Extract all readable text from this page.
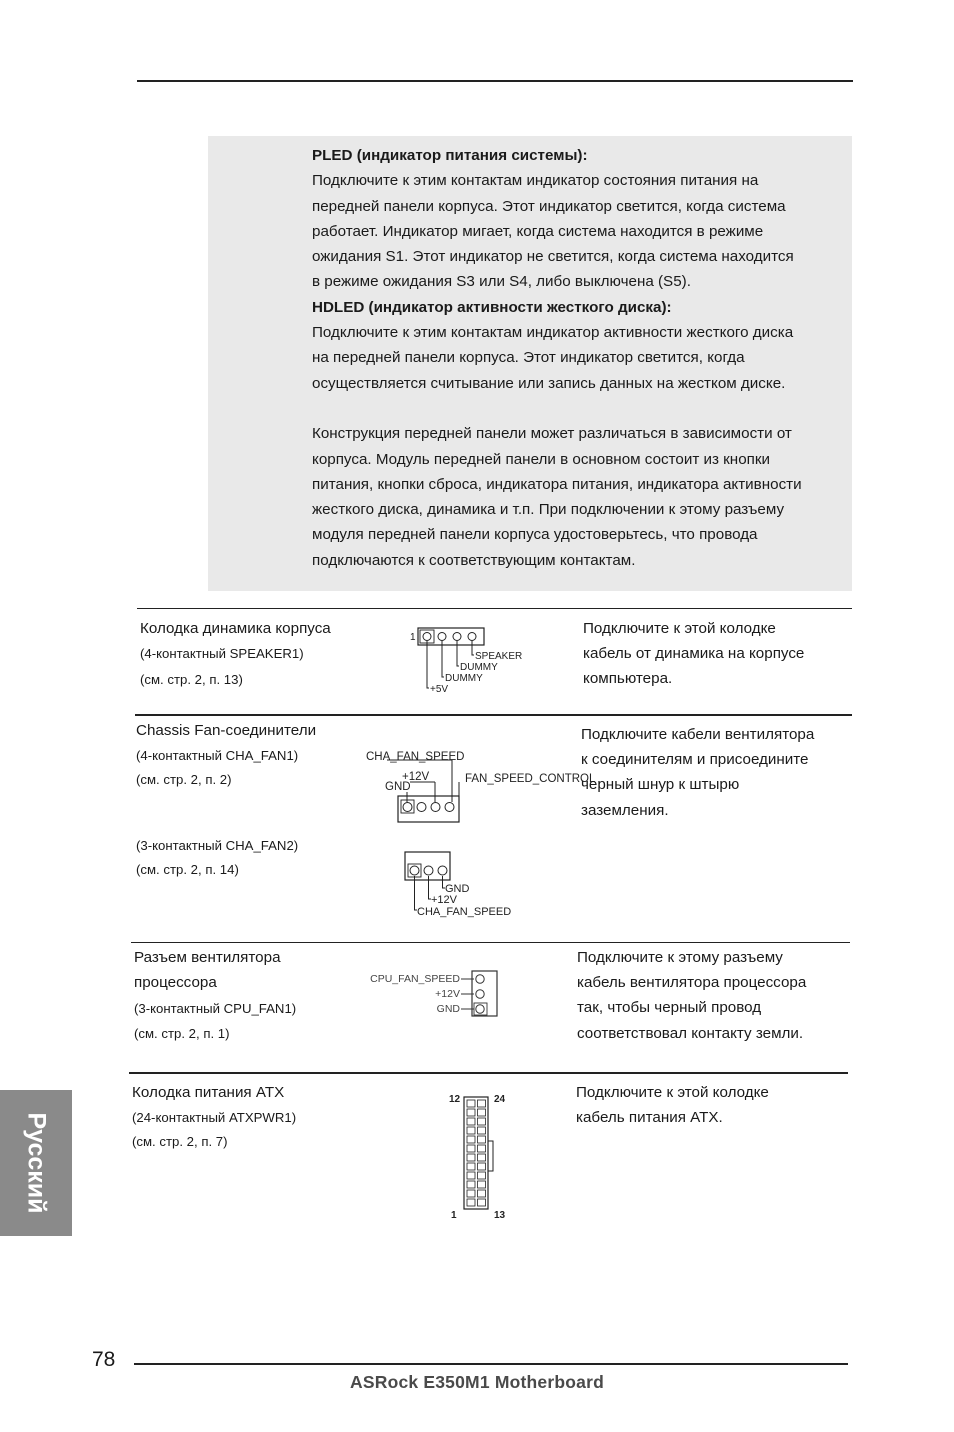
PLED (индикатор питания системы):
Подключите к этим контактам индикатор состояния питания на
передней панели корпуса. Этот индикатор светится, когда система
работает. Индикатор мигает, когда система находится в режиме
ожидания S1. Этот индикатор не светится, когда система находится
в режиме ожидания S3 или S4, либо выключена (S5).
HDLED (индикатор активности жесткого диска):
Подключите к этим контактам индикатор активности жесткого диска
на передней панели корпуса. Этот индикатор светится, когда
осуществляется считывание или запись данных на жестком диске.
Конструкция передней панели может различаться в зависимости от
корпуса. Модуль передней панели в основном состоит из кнопки
питания, кнопки сброса, индикатора питания, индикатора активности
жесткого диска, динамика и т.п. При подключении к этому разъему
модуля передней панели корпуса удостоверьтесь, что провода
подключаются к соответствующим контактам.
Колодка динамика корпуса
(4-контактный SPEAKER1)
(см. стр. 2, п. 13)
1
SPEAKER
DUMMY
DUMMY
+5V
Подключите к этой колодке
кабель от динамика на корпусе
компьютера.
Chassis Fan-соединители
(4-контактный CHA_FAN1)
(см. стр. 2, п. 2)
(3-контактный CHA_FAN2)
(см. стр. 2, п. 14)
CHA_FAN_SPEED
+12V
GND
FAN_SPEED_CONTROL
GND
+12V
CHA_FAN_SPEED
Подключите кабели вентилятора
к соединителям и присоедините
черный шнур к штырю
заземления.
Разъем вентилятора
процессора
(3-контактный CPU_FAN1)
(см. стр. 2, п. 1)
CPU_FAN_SPEED
+12V
GND
Подключите к этому разъему
кабель вентилятора процессора
так, чтобы черный провод
соответствовал контакту земли.
Колодка питания ATX
(24-контактный ATXPWR1)
(см. стр. 2, п. 7)
12	24
1	13
Подключите к этой колодке
кабель питания ATX.
Русский
78
ASRock E350M1 Motherboard
